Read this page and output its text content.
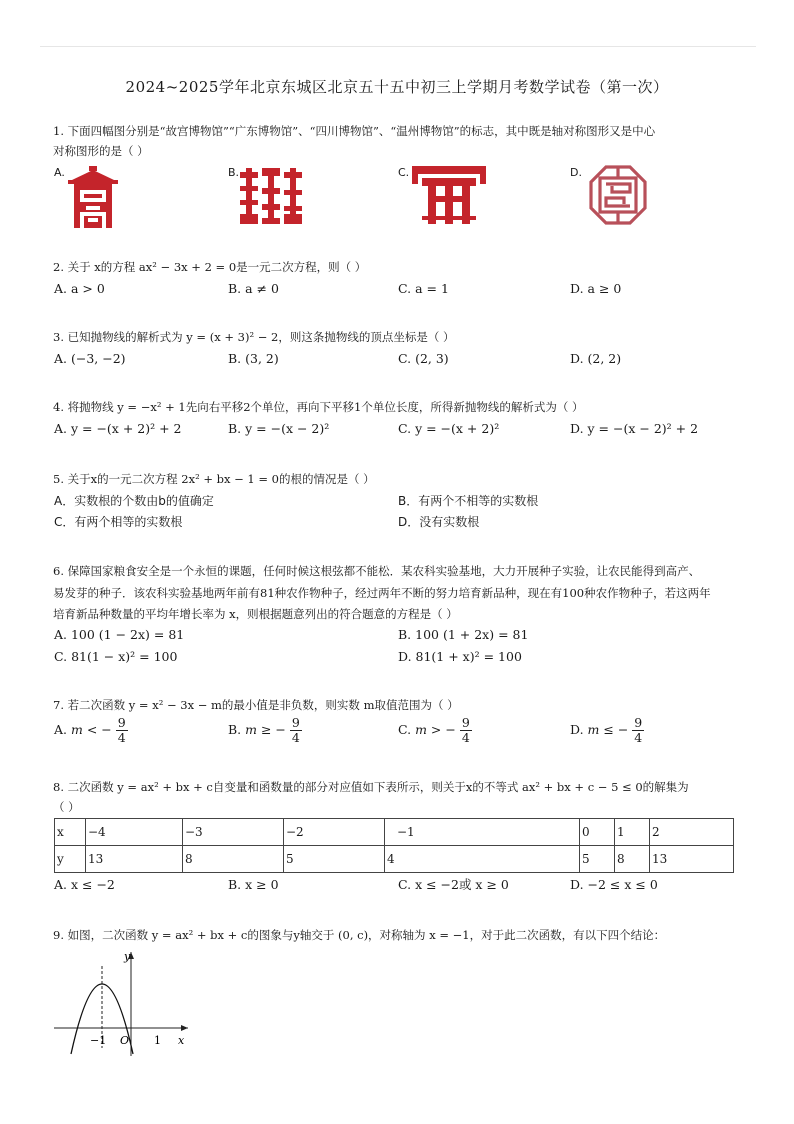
2024~2025学年北京东城区北京五十五中初三上学期月考数学试卷（第一次）
1. 下面四幅图分别是“故宫博物馆”“广东博物馆”、“四川博物馆”、“温州博物馆”的标志，其中既是轴对称图形又是中心
对称图形的是（ ）
A.	B.	C.	D.
2. 关于 x的方程 ax² − 3x + 2 = 0是一元二次方程，则（ ）
A. a > 0	B. a ≠ 0	C. a = 1	D. a ≥ 0
3. 已知抛物线的解析式为 y = (x + 3)² − 2，则这条抛物线的顶点坐标是（ ）
A. (−3, −2)	B. (3, 2)	C. (2, 3)	D. (2, 2)
4. 将抛物线 y = −x² + 1先向右平移2个单位，再向下平移1个单位长度，所得新抛物线的解析式为（ ）
A. y = −(x + 2)² + 2	B. y = −(x − 2)²	C. y = −(x + 2)²	D. y = −(x − 2)² + 2
5. 关于x的一元二次方程 2x² + bx − 1 = 0的根的情况是（ ）
A．实数根的个数由b的值确定	B．有两个不相等的实数根
C．有两个相等的实数根	D．没有实数根
6. 保障国家粮食安全是一个永恒的课题，任何时候这根弦都不能松．某农科实验基地，大力开展种子实验，让农民能得到高产、
易发芽的种子．该农科实验基地两年前有81种农作物种子，经过两年不断的努力培育新品种，现在有100种农作物种子，若这两年
培育新品种数量的平均年增长率为 x，则根据题意列出的符合题意的方程是（ ）
A. 100 (1 − 2x) = 81	B. 100 (1 + 2x) = 81
C. 81(1 − x)² = 100	D. 81(1 + x)² = 100
7. 若二次函数 y = x² − 3x − m的最小值是非负数，则实数 m取值范围为（ ）
A. m < − $\frac{9}{4}$	B. m ≥ − $\frac{9}{4}$	C. m > − $\frac{9}{4}$	D. m ≤ − $\frac{9}{4}$
8. 二次函数 y = ax² + bx + c自变量和函数量的部分对应值如下表所示，则关于x的不等式 ax² + bx + c − 5 ≤ 0的解集为
（ ）
x	−4	−3	−2	−1	0	1	2
y	13	8	5	4	5	8	13
A. x ≤ −2	B. x ≥ 0	C. x ≤ −2或 x ≥ 0	D. −2 ≤ x ≤ 0
9. 如图，二次函数 y = ax² + bx + c的图象与y轴交于 (0, c)，对称轴为 x = −1，对于此二次函数，有以下四个结论：
y
x
O
−1	1
